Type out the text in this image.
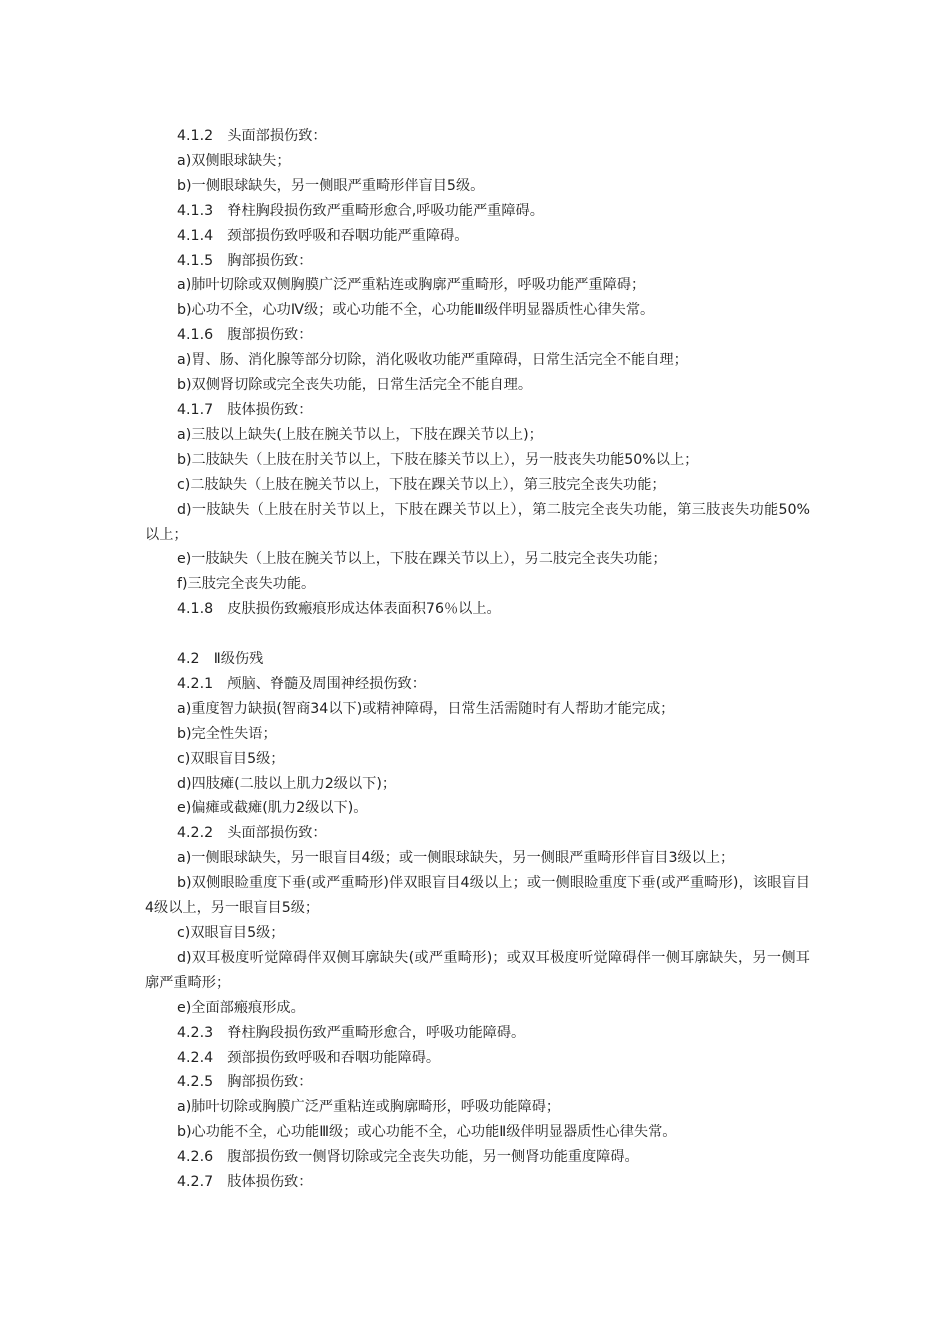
4.1.2　头面部损伤致：

a)双侧眼球缺失；

b)一侧眼球缺失，另一侧眼严重畸形伴盲目5级。

4.1.3　脊柱胸段损伤致严重畸形愈合,呼吸功能严重障碍。

4.1.4　颈部损伤致呼吸和吞咽功能严重障碍。

4.1.5　胸部损伤致：

a)肺叶切除或双侧胸膜广泛严重粘连或胸廓严重畸形，呼吸功能严重障碍；

b)心功不全，心功Ⅳ级；或心功能不全，心功能Ⅲ级伴明显器质性心律失常。

4.1.6　腹部损伤致：

a)胃、肠、消化腺等部分切除，消化吸收功能严重障碍，日常生活完全不能自理；

b)双侧肾切除或完全丧失功能，日常生活完全不能自理。

4.1.7　肢体损伤致：

a)三肢以上缺失(上肢在腕关节以上，下肢在踝关节以上)；

b)二肢缺失（上肢在肘关节以上，下肢在膝关节以上），另一肢丧失功能50%以上；

c)二肢缺失（上肢在腕关节以上，下肢在踝关节以上），第三肢完全丧失功能；

d)一肢缺失（上肢在肘关节以上，下肢在踝关节以上），第二肢完全丧失功能，第三肢丧失功能50%以上；

e)一肢缺失（上肢在腕关节以上，下肢在踝关节以上），另二肢完全丧失功能；

f)三肢完全丧失功能。

4.1.8　皮肤损伤致瘢痕形成达体表面积76％以上。

4.2　Ⅱ级伤残

4.2.1　颅脑、脊髓及周围神经损伤致：

a)重度智力缺损(智商34以下)或精神障碍，日常生活需随时有人帮助才能完成；

b)完全性失语；

c)双眼盲目5级；

d)四肢瘫(二肢以上肌力2级以下)；

e)偏瘫或截瘫(肌力2级以下)。

4.2.2　头面部损伤致：

a)一侧眼球缺失，另一眼盲目4级；或一侧眼球缺失，另一侧眼严重畸形伴盲目3级以上；

b)双侧眼睑重度下垂(或严重畸形)伴双眼盲目4级以上；或一侧眼睑重度下垂(或严重畸形)，该眼盲目4级以上，另一眼盲目5级；

c)双眼盲目5级；

d)双耳极度听觉障碍伴双侧耳廓缺失(或严重畸形)；或双耳极度听觉障碍伴一侧耳廓缺失，另一侧耳廓严重畸形；

e)全面部瘢痕形成。

4.2.3　脊柱胸段损伤致严重畸形愈合，呼吸功能障碍。

4.2.4　颈部损伤致呼吸和吞咽功能障碍。

4.2.5　胸部损伤致：

a)肺叶切除或胸膜广泛严重粘连或胸廓畸形，呼吸功能障碍；

b)心功能不全，心功能Ⅲ级；或心功能不全，心功能Ⅱ级伴明显器质性心律失常。

4.2.6　腹部损伤致一侧肾切除或完全丧失功能，另一侧肾功能重度障碍。

4.2.7　肢体损伤致：
